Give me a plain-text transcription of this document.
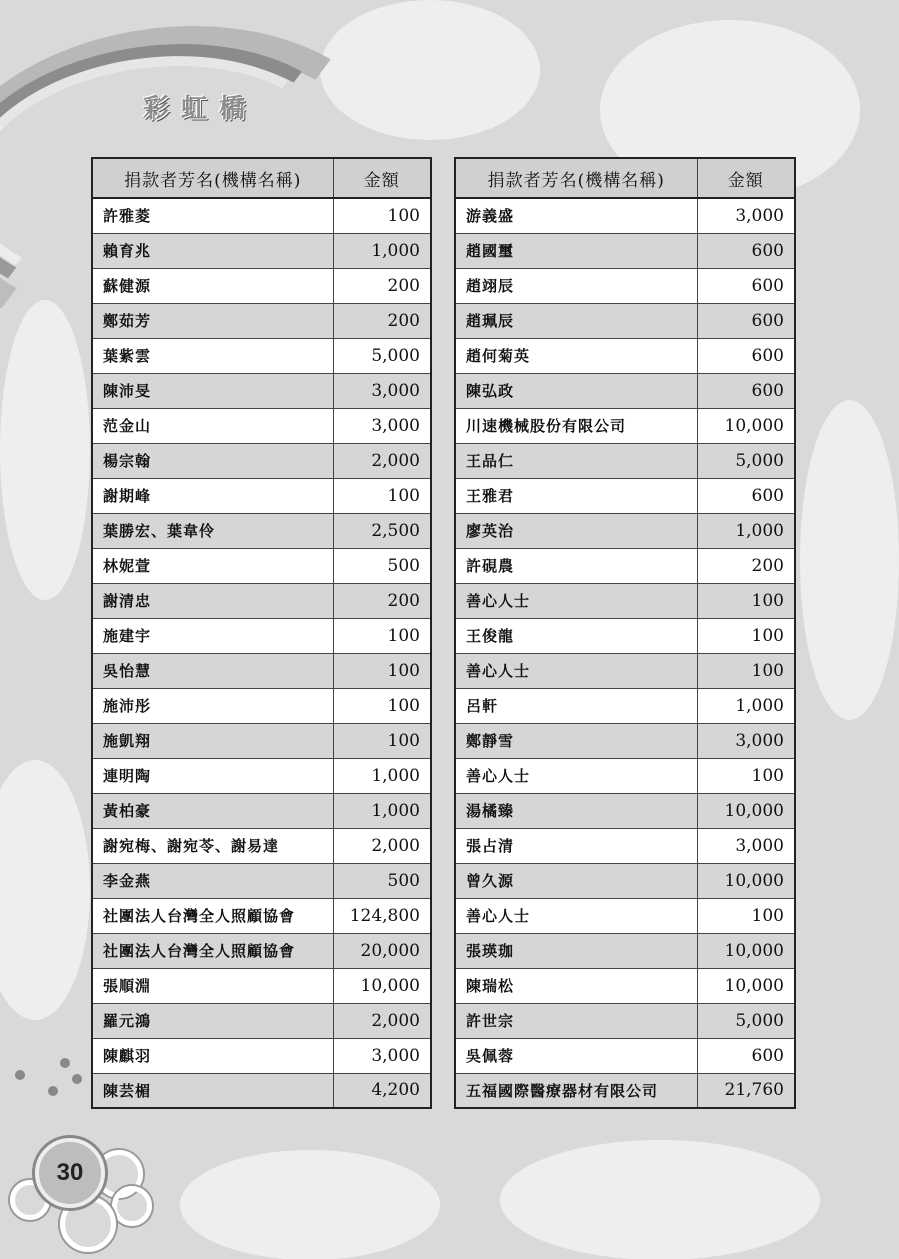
彩虹橋
捐款者芳名(機構名稱)	金額
許雅菱	100
賴育兆	1,000
蘇健源	200
鄭茹芳	200
葉紫雲	5,000
陳沛旻	3,000
范金山	3,000
楊宗翰	2,000
謝期峰	100
葉勝宏、葉韋伶	2,500
林妮萱	500
謝清忠	200
施建宇	100
吳怡慧	100
施沛彤	100
施凱翔	100
連明陶	1,000
黃柏豪	1,000
謝宛梅、謝宛苓、謝易達	2,000
李金燕	500
社團法人台灣全人照顧協會	124,800
社團法人台灣全人照顧協會	20,000
張順淵	10,000
羅元鴻	2,000
陳麒羽	3,000
陳芸楣	4,200
捐款者芳名(機構名稱)	金額
游義盛	3,000
趙國璽	600
趙翊辰	600
趙珮辰	600
趙何菊英	600
陳弘政	600
川速機械股份有限公司	10,000
王品仁	5,000
王雅君	600
廖英治	1,000
許硯農	200
善心人士	100
王俊龍	100
善心人士	100
呂軒	1,000
鄭靜雪	3,000
善心人士	100
湯橘臻	10,000
張占清	3,000
曾久源	10,000
善心人士	100
張瑛珈	10,000
陳瑞松	10,000
許世宗	5,000
吳佩蓉	600
五福國際醫療器材有限公司	21,760
30
